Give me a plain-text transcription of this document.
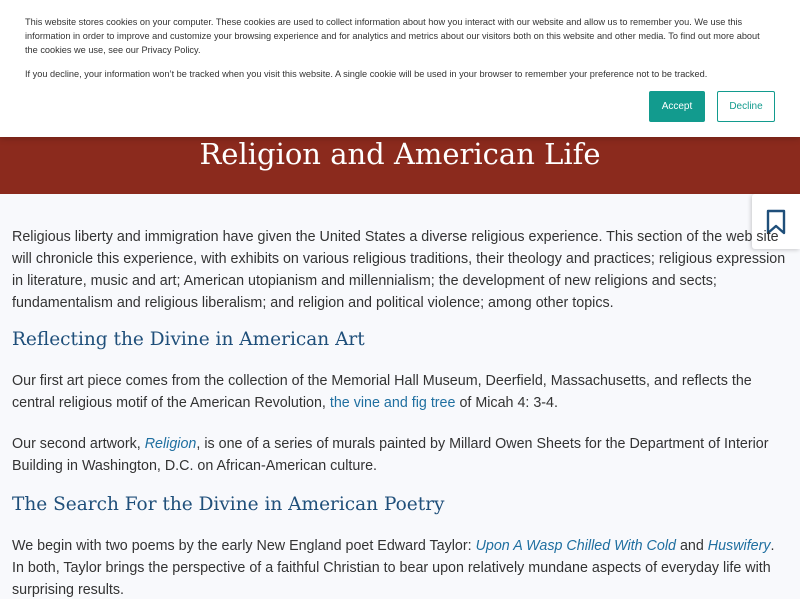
Religion and American Life

This website stores cookies on your computer. These cookies are used to collect information about how you interact with our website and allow us to remember you. We use this information in order to improve and customize your browsing experience and for analytics and metrics about our visitors both on this website and other media. To find out more about the cookies we use, see our Privacy Policy.

If you decline, your information won’t be tracked when you visit this website. A single cookie will be used in your browser to remember your preference not to be tracked.

Accept	Decline

Religious liberty and immigration have given the United States a diverse religious experience. This section of the web site will chronicle this experience, with exhibits on various religious traditions, their theology and practices; religious expression in literature, music and art; American utopianism and millennialism; the development of new religions and sects; fundamentalism and religious liberalism; and religion and political violence; among other topics.

Reflecting the Divine in American Art

Our first art piece comes from the collection of the Memorial Hall Museum, Deerfield, Massachusetts, and reflects the central religious motif of the American Revolution, the vine and fig tree of Micah 4: 3-4.

Our second artwork, Religion, is one of a series of murals painted by Millard Owen Sheets for the Department of Interior Building in Washington, D.C. on African-American culture.

The Search For the Divine in American Poetry

We begin with two poems by the early New England poet Edward Taylor: Upon A Wasp Chilled With Cold and Huswifery. In both, Taylor brings the perspective of a faithful Christian to bear upon relatively mundane aspects of everyday life with surprising results.
